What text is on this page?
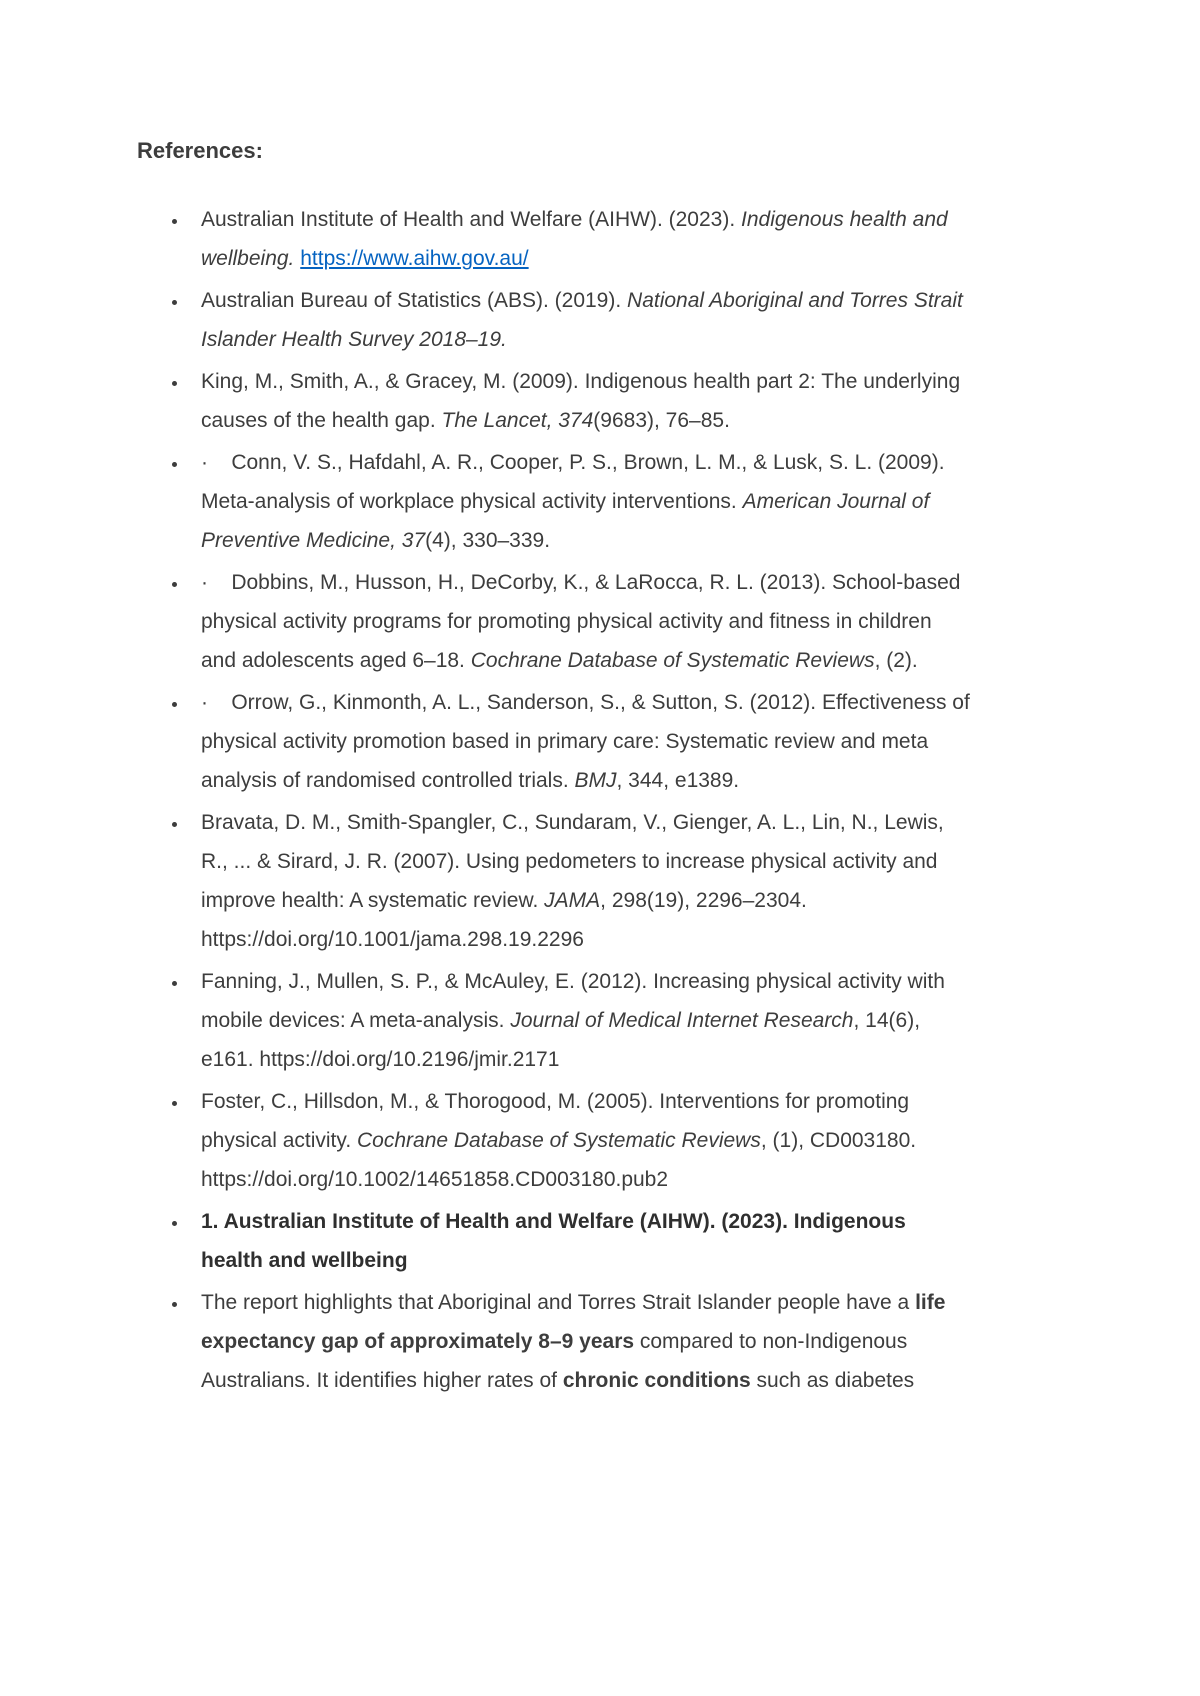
References:
• Australian Institute of Health and Welfare (AIHW). (2023). Indigenous health and wellbeing. https://www.aihw.gov.au/
• Australian Bureau of Statistics (ABS). (2019). National Aboriginal and Torres Strait Islander Health Survey 2018–19.
• King, M., Smith, A., & Gracey, M. (2009). Indigenous health part 2: The underlying causes of the health gap. The Lancet, 374(9683), 76–85.
• ·    Conn, V. S., Hafdahl, A. R., Cooper, P. S., Brown, L. M., & Lusk, S. L. (2009). Meta-analysis of workplace physical activity interventions. American Journal of Preventive Medicine, 37(4), 330–339.
• ·    Dobbins, M., Husson, H., DeCorby, K., & LaRocca, R. L. (2013). School-based physical activity programs for promoting physical activity and fitness in children and adolescents aged 6–18. Cochrane Database of Systematic Reviews, (2).
• ·    Orrow, G., Kinmonth, A. L., Sanderson, S., & Sutton, S. (2012). Effectiveness of physical activity promotion based in primary care: Systematic review and meta analysis of randomised controlled trials. BMJ, 344, e1389.
• Bravata, D. M., Smith-Spangler, C., Sundaram, V., Gienger, A. L., Lin, N., Lewis, R., ... & Sirard, J. R. (2007). Using pedometers to increase physical activity and improve health: A systematic review. JAMA, 298(19), 2296–2304. https://doi.org/10.1001/jama.298.19.2296
• Fanning, J., Mullen, S. P., & McAuley, E. (2012). Increasing physical activity with mobile devices: A meta-analysis. Journal of Medical Internet Research, 14(6), e161. https://doi.org/10.2196/jmir.2171
• Foster, C., Hillsdon, M., & Thorogood, M. (2005). Interventions for promoting physical activity. Cochrane Database of Systematic Reviews, (1), CD003180. https://doi.org/10.1002/14651858.CD003180.pub2
• 1. Australian Institute of Health and Welfare (AIHW). (2023). Indigenous health and wellbeing
• The report highlights that Aboriginal and Torres Strait Islander people have a life expectancy gap of approximately 8–9 years compared to non-Indigenous Australians. It identifies higher rates of chronic conditions such as diabetes
